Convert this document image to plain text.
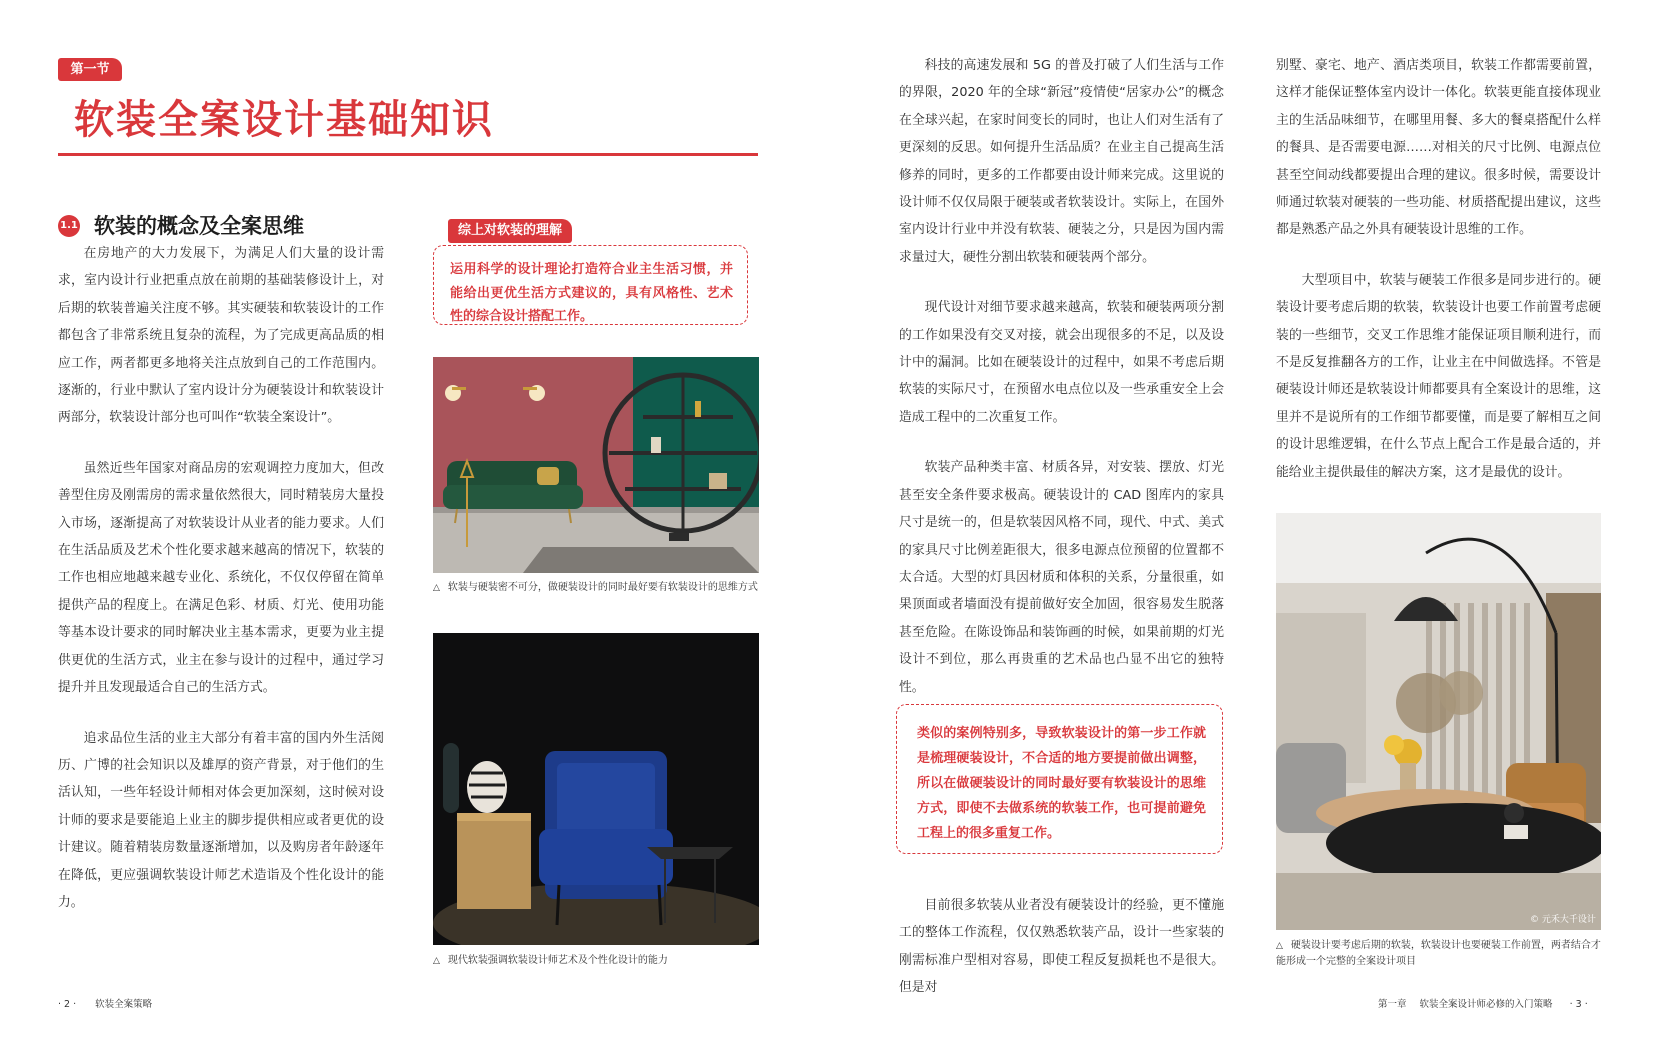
第一节
软装全案设计基础知识
1.1 软装的概念及全案思维

在房地产的大力发展下，为满足人们大量的设计需求，室内设计行业把重点放在前期的基础装修设计上，对后期的软装普遍关注度不够。其实硬装和软装设计的工作都包含了非常系统且复杂的流程，为了完成更高品质的相应工作，两者都更多地将关注点放到自己的工作范围内。逐渐的，行业中默认了室内设计分为硬装设计和软装设计两部分，软装设计部分也可叫作“软装全案设计”。

虽然近些年国家对商品房的宏观调控力度加大，但改善型住房及刚需房的需求量依然很大，同时精装房大量投入市场，逐渐提高了对软装设计从业者的能力要求。人们在生活品质及艺术个性化要求越来越高的情况下，软装的工作也相应地越来越专业化、系统化，不仅仅停留在简单提供产品的程度上。在满足色彩、材质、灯光、使用功能等基本设计要求的同时解决业主基本需求，更要为业主提供更优的生活方式，业主在参与设计的过程中，通过学习提升并且发现最适合自己的生活方式。

追求品位生活的业主大部分有着丰富的国内外生活阅历、广博的社会知识以及雄厚的资产背景，对于他们的生活认知，一些年轻设计师相对体会更加深刻，这时候对设计师的要求是要能追上业主的脚步提供相应或者更优的设计建议。随着精装房数量逐渐增加，以及购房者年龄逐年在降低，更应强调软装设计师艺术造诣及个性化设计的能力。

综上对软装的理解
运用科学的设计理论打造符合业主生活习惯，并能给出更优生活方式建议的，具有风格性、艺术性的综合设计搭配工作。
△ 软装与硬装密不可分，做硬装设计的同时最好要有软装设计的思维方式
△ 现代软装强调软装设计师艺术及个性化设计的能力

科技的高速发展和 5G 的普及打破了人们生活与工作的界限，2020 年的全球“新冠”疫情使“居家办公”的概念在全球兴起，在家时间变长的同时，也让人们对生活有了更深刻的反思。如何提升生活品质？在业主自己提高生活修养的同时，更多的工作都要由设计师来完成。这里说的设计师不仅仅局限于硬装或者软装设计。实际上，在国外室内设计行业中并没有软装、硬装之分，只是因为国内需求量过大，硬性分割出软装和硬装两个部分。

现代设计对细节要求越来越高，软装和硬装两项分割的工作如果没有交叉对接，就会出现很多的不足，以及设计中的漏洞。比如在硬装设计的过程中，如果不考虑后期软装的实际尺寸，在预留水电点位以及一些承重安全上会造成工程中的二次重复工作。

软装产品种类丰富、材质各异，对安装、摆放、灯光甚至安全条件要求极高。硬装设计的 CAD 图库内的家具尺寸是统一的，但是软装因风格不同，现代、中式、美式的家具尺寸比例差距很大，很多电源点位预留的位置都不太合适。大型的灯具因材质和体积的关系，分量很重，如果顶面或者墙面没有提前做好安全加固，很容易发生脱落甚至危险。在陈设饰品和装饰画的时候，如果前期的灯光设计不到位，那么再贵重的艺术品也凸显不出它的独特性。

类似的案例特别多，导致软装设计的第一步工作就是梳理硬装设计，不合适的地方要提前做出调整，所以在做硬装设计的同时最好要有软装设计的思维方式，即使不去做系统的软装工作，也可提前避免工程上的很多重复工作。

目前很多软装从业者没有硬装设计的经验，更不懂施工的整体工作流程，仅仅熟悉软装产品，设计一些家装的刚需标准户型相对容易，即使工程反复损耗也不是很大。但是对

别墅、豪宅、地产、酒店类项目，软装工作都需要前置，这样才能保证整体室内设计一体化。软装更能直接体现业主的生活品味细节，在哪里用餐、多大的餐桌搭配什么样的餐具、是否需要电源……对相关的尺寸比例、电源点位甚至空间动线都要提出合理的建议。很多时候，需要设计师通过软装对硬装的一些功能、材质搭配提出建议，这些都是熟悉产品之外具有硬装设计思维的工作。

大型项目中，软装与硬装工作很多是同步进行的。硬装设计要考虑后期的软装，软装设计也要工作前置考虑硬装的一些细节，交叉工作思维才能保证项目顺利进行，而不是反复推翻各方的工作，让业主在中间做选择。不管是硬装设计师还是软装设计师都要具有全案设计的思维，这里并不是说所有的工作细节都要懂，而是要了解相互之间的设计思维逻辑，在什么节点上配合工作是最合适的，并能给业主提供最佳的解决方案，这才是最优的设计。

© 元禾大千设计
△ 硬装设计要考虑后期的软装，软装设计也要硬装工作前置，两者结合才能形成一个完整的全案设计项目
· 2 · 软装全案策略	第一章 软装全案设计师必修的入门策略 · 3 ·
